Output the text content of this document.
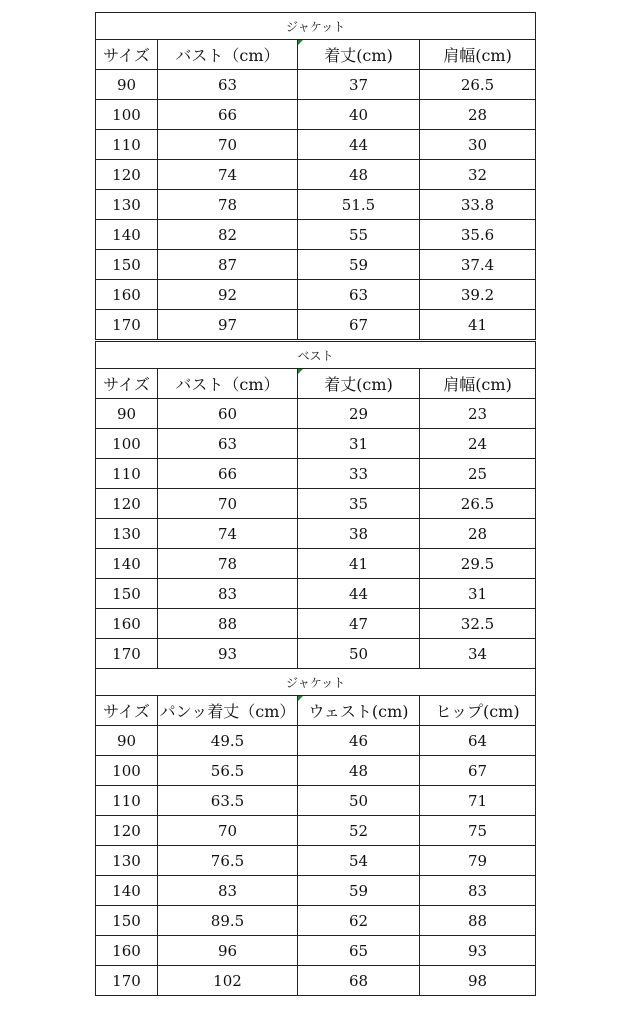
ジャケット			
サイズ	バスト（cm）	着丈(cm)	肩幅(cm)
90	63	37	26.5
100	66	40	28
110	70	44	30
120	74	48	32
130	78	51.5	33.8
140	82	55	35.6
150	87	59	37.4
160	92	63	39.2
170	97	67	41
ベスト			
サイズ	バスト（cm）	着丈(cm)	肩幅(cm)
90	60	29	23
100	63	31	24
110	66	33	25
120	70	35	26.5
130	74	38	28
140	78	41	29.5
150	83	44	31
160	88	47	32.5
170	93	50	34
ジャケット			
サイズ	パンッ着丈（cm）	ウェスト(cm)	ヒップ(cm)
90	49.5	46	64
100	56.5	48	67
110	63.5	50	71
120	70	52	75
130	76.5	54	79
140	83	59	83
150	89.5	62	88
160	96	65	93
170	102	68	98
